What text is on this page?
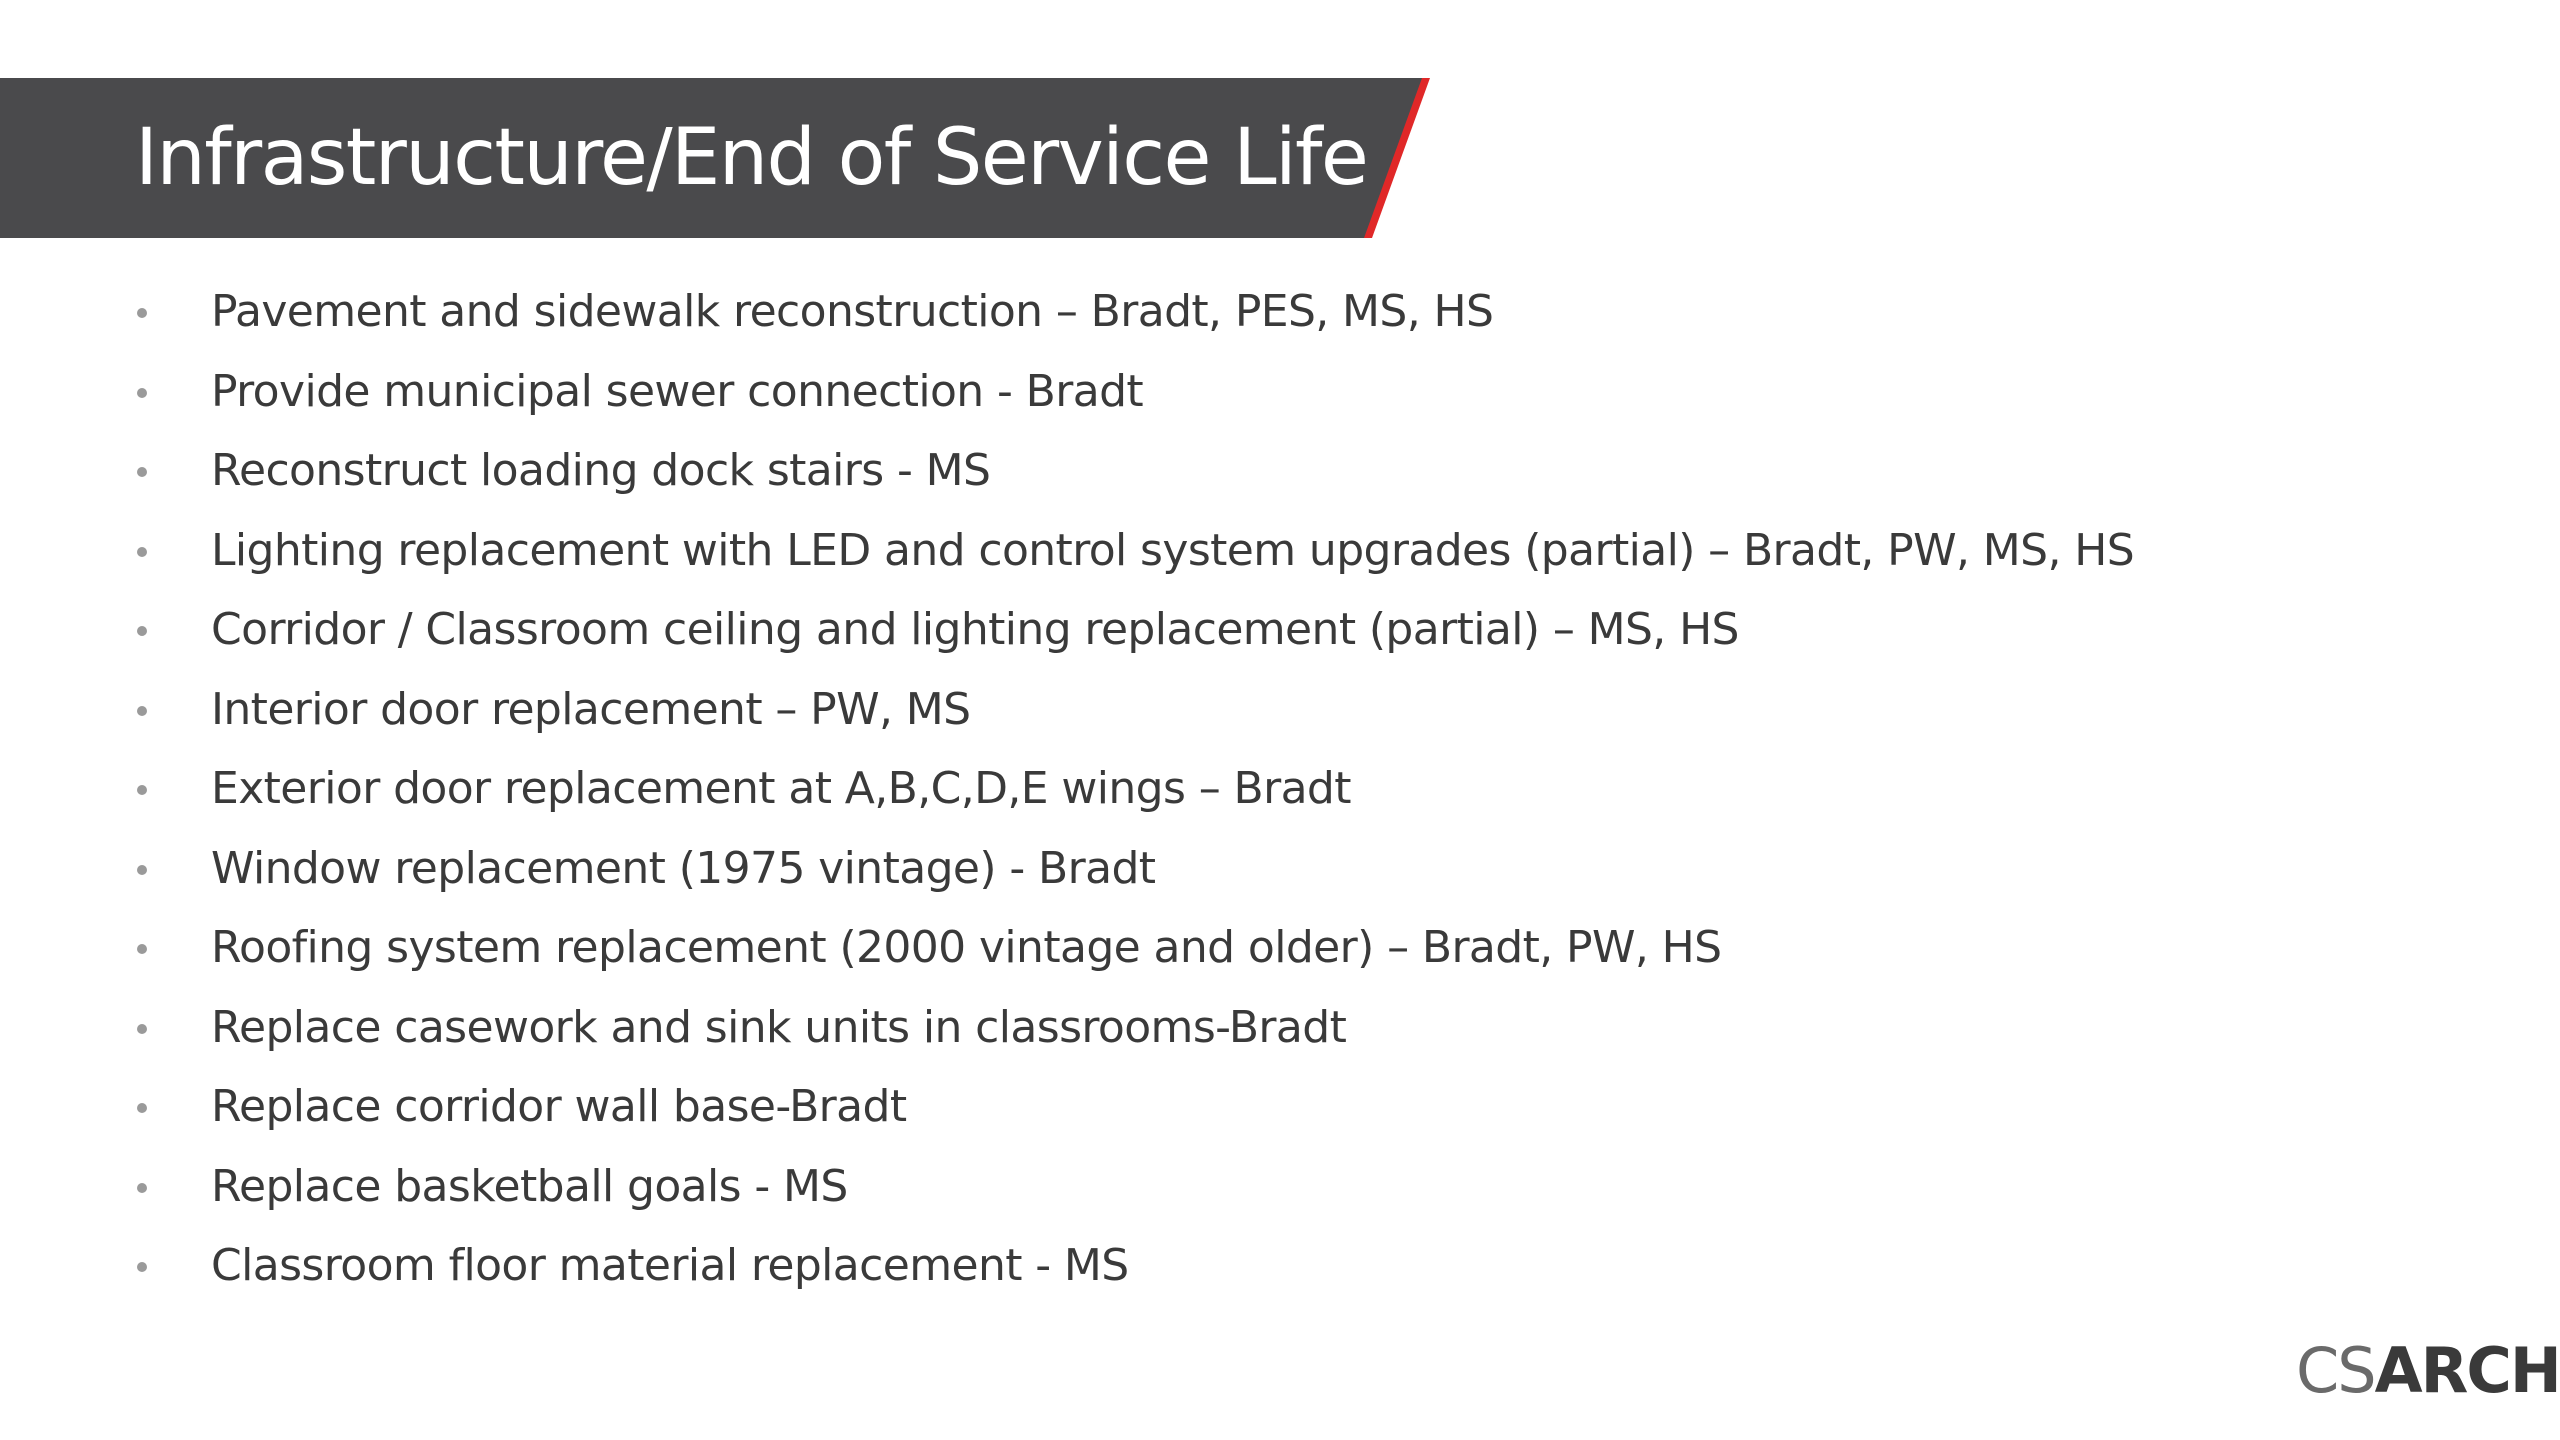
Infrastructure/End of Service Life
Pavement and sidewalk reconstruction – Bradt, PES, MS, HS
Provide municipal sewer connection - Bradt
Reconstruct loading dock stairs - MS
Lighting replacement with LED and control system upgrades (partial) – Bradt, PW, MS, HS
Corridor / Classroom ceiling and lighting replacement (partial) – MS, HS
Interior door replacement – PW, MS
Exterior door replacement at A,B,C,D,E wings – Bradt
Window replacement (1975 vintage) - Bradt
Roofing system replacement (2000 vintage and older) – Bradt, PW, HS
Replace casework and sink units in classrooms-Bradt
Replace corridor wall base-Bradt
Replace basketball goals - MS
Classroom floor material replacement - MS
CSARCH
